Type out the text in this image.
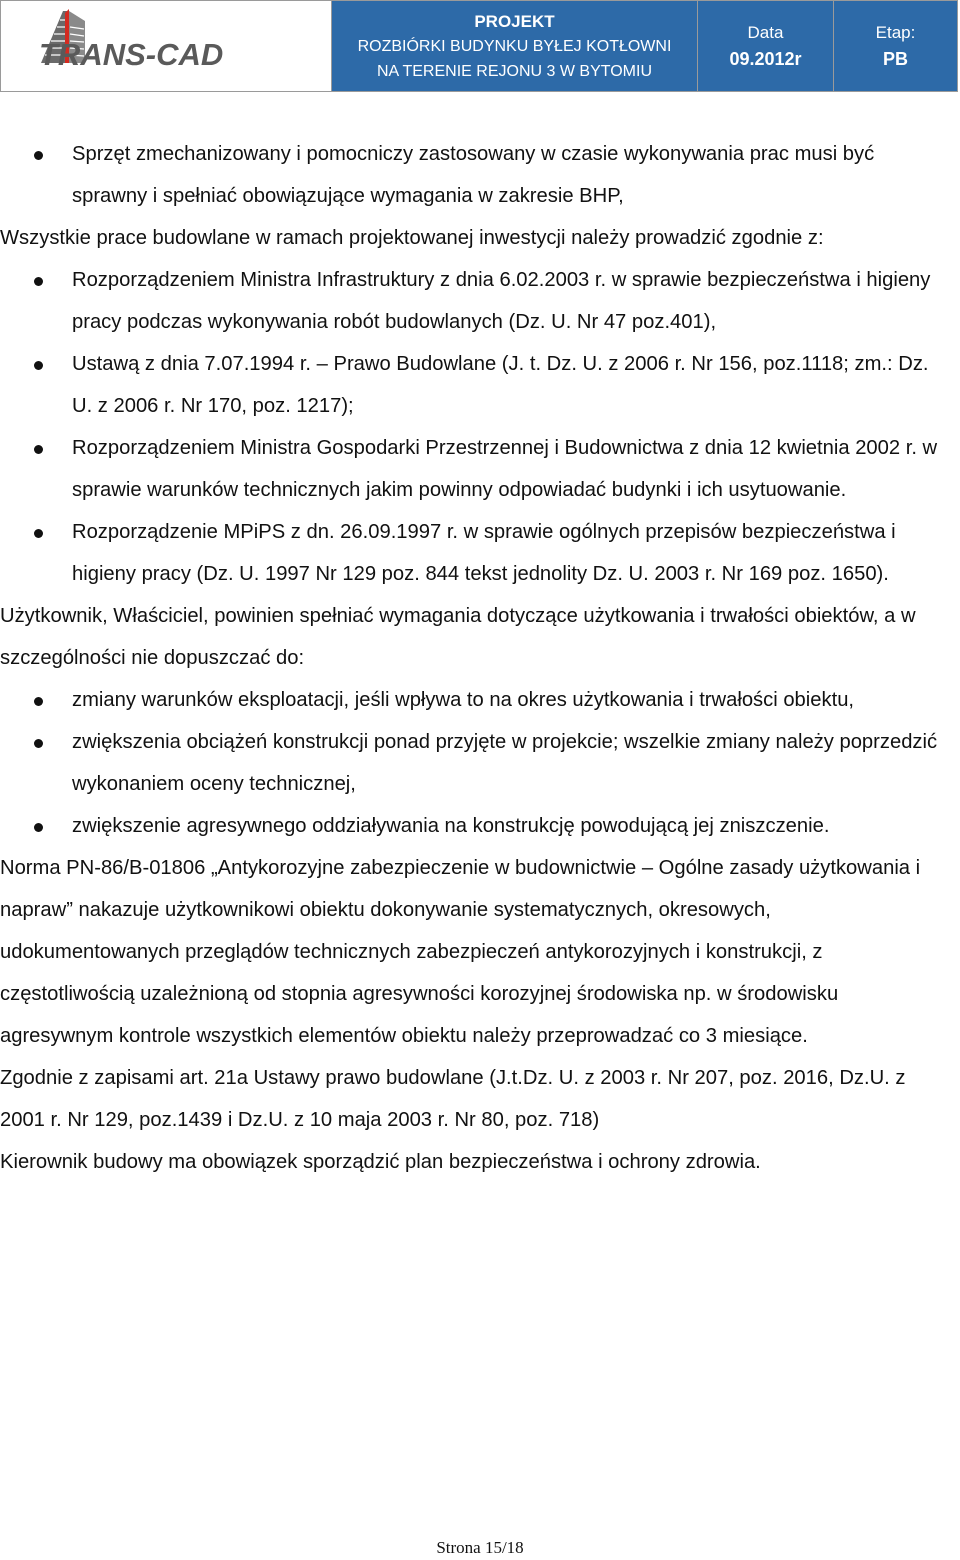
TRANS-CAD
PROJEKT
ROZBIÓRKI BUDYNKU BYŁEJ KOTŁOWNI
NA TERENIE REJONU 3 W BYTOMIU
Data
09.2012r
Etap:
PB
Sprzęt zmechanizowany i pomocniczy zastosowany w czasie wykonywania prac musi być sprawny i spełniać obowiązujące wymagania w zakresie BHP,
Wszystkie prace budowlane w ramach projektowanej inwestycji należy prowadzić zgodnie z:
Rozporządzeniem Ministra Infrastruktury z dnia 6.02.2003 r. w sprawie bezpieczeństwa i higieny pracy podczas wykonywania robót budowlanych (Dz. U. Nr 47 poz.401),
Ustawą z dnia 7.07.1994 r. – Prawo Budowlane (J. t. Dz. U. z 2006 r. Nr 156, poz.1118; zm.: Dz. U. z 2006 r. Nr 170, poz. 1217);
Rozporządzeniem Ministra Gospodarki Przestrzennej i Budownictwa z dnia 12 kwietnia 2002 r. w sprawie warunków technicznych jakim powinny odpowiadać budynki i ich usytuowanie.
Rozporządzenie MPiPS z dn. 26.09.1997 r. w sprawie ogólnych przepisów bezpieczeństwa i higieny pracy (Dz. U. 1997 Nr 129 poz. 844 tekst jednolity Dz. U. 2003 r. Nr 169 poz. 1650).
Użytkownik, Właściciel, powinien spełniać wymagania dotyczące użytkowania i trwałości obiektów, a w szczególności nie dopuszczać do:
zmiany warunków eksploatacji, jeśli wpływa to na okres użytkowania i trwałości obiektu,
zwiększenia obciążeń konstrukcji ponad przyjęte w projekcie; wszelkie zmiany należy poprzedzić wykonaniem oceny technicznej,
zwiększenie agresywnego oddziaływania na konstrukcję powodującą jej zniszczenie.
Norma PN-86/B-01806 „Antykorozyjne zabezpieczenie w budownictwie – Ogólne zasady użytkowania i napraw” nakazuje użytkownikowi obiektu dokonywanie systematycznych, okresowych, udokumentowanych przeglądów technicznych zabezpieczeń antykorozyjnych i konstrukcji, z częstotliwością uzależnioną od stopnia agresywności korozyjnej środowiska np. w środowisku agresywnym kontrole wszystkich elementów obiektu należy przeprowadzać co 3 miesiące.
Zgodnie z zapisami art. 21a Ustawy prawo budowlane (J.t.Dz. U. z 2003 r. Nr 207, poz. 2016, Dz.U. z 2001 r. Nr 129, poz.1439 i Dz.U. z 10 maja 2003 r. Nr 80, poz. 718)
Kierownik budowy ma obowiązek sporządzić plan bezpieczeństwa i ochrony zdrowia.
Strona 15/18
